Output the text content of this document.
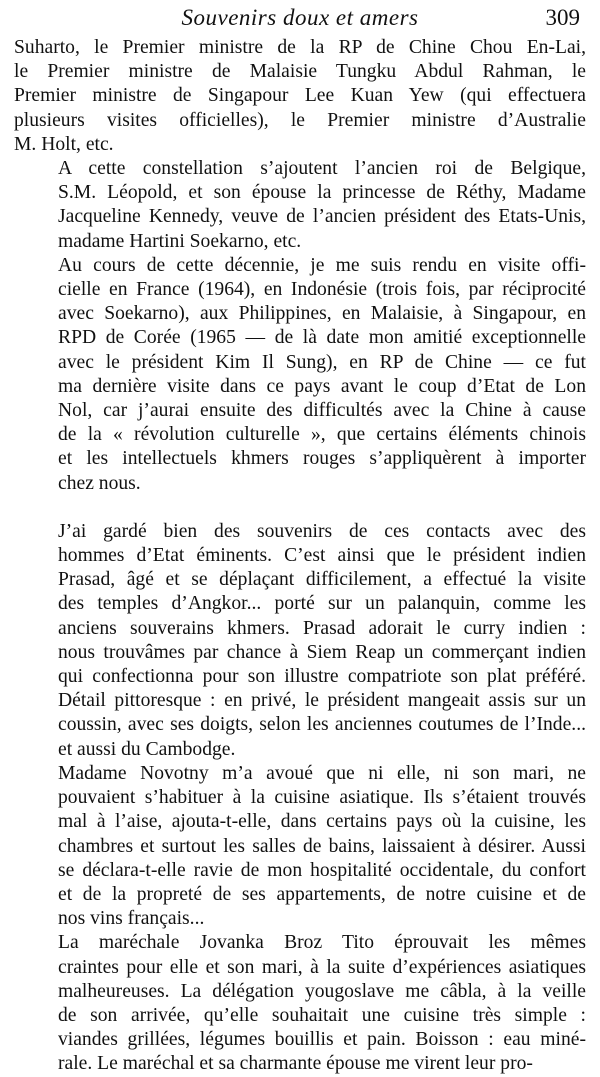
Souvenirs doux et amers	309

Suharto, le Premier ministre de la RP de Chine Chou En-Lai,
le Premier ministre de Malaisie Tungku Abdul Rahman, le
Premier ministre de Singapour Lee Kuan Yew (qui effectuera
plusieurs visites officielles), le Premier ministre d’Australie
M. Holt, etc.

A cette constellation s’ajoutent l’ancien roi de Belgique,
S.M. Léopold, et son épouse la princesse de Réthy, Madame
Jacqueline Kennedy, veuve de l’ancien président des Etats-Unis,
madame Hartini Soekarno, etc.

Au cours de cette décennie, je me suis rendu en visite offi-
cielle en France (1964), en Indonésie (trois fois, par réciprocité
avec Soekarno), aux Philippines, en Malaisie, à Singapour, en
RPD de Corée (1965 — de là date mon amitié exceptionnelle
avec le président Kim Il Sung), en RP de Chine — ce fut
ma dernière visite dans ce pays avant le coup d’Etat de Lon
Nol, car j’aurai ensuite des difficultés avec la Chine à cause
de la « révolution culturelle », que certains éléments chinois
et les intellectuels khmers rouges s’appliquèrent à importer
chez nous.

J’ai gardé bien des souvenirs de ces contacts avec des
hommes d’Etat éminents. C’est ainsi que le président indien
Prasad, âgé et se déplaçant difficilement, a effectué la visite
des temples d’Angkor... porté sur un palanquin, comme les
anciens souverains khmers. Prasad adorait le curry indien :
nous trouvâmes par chance à Siem Reap un commerçant indien
qui confectionna pour son illustre compatriote son plat préféré.
Détail pittoresque : en privé, le président mangeait assis sur un
coussin, avec ses doigts, selon les anciennes coutumes de l’Inde...
et aussi du Cambodge.

Madame Novotny m’a avoué que ni elle, ni son mari, ne
pouvaient s’habituer à la cuisine asiatique. Ils s’étaient trouvés
mal à l’aise, ajouta-t-elle, dans certains pays où la cuisine, les
chambres et surtout les salles de bains, laissaient à désirer. Aussi
se déclara-t-elle ravie de mon hospitalité occidentale, du confort
et de la propreté de ses appartements, de notre cuisine et de
nos vins français...

La maréchale Jovanka Broz Tito éprouvait les mêmes
craintes pour elle et son mari, à la suite d’expériences asiatiques
malheureuses. La délégation yougoslave me câbla, à la veille
de son arrivée, qu’elle souhaitait une cuisine très simple :
viandes grillées, légumes bouillis et pain. Boisson : eau miné-
rale. Le maréchal et sa charmante épouse me virent leur pro-
